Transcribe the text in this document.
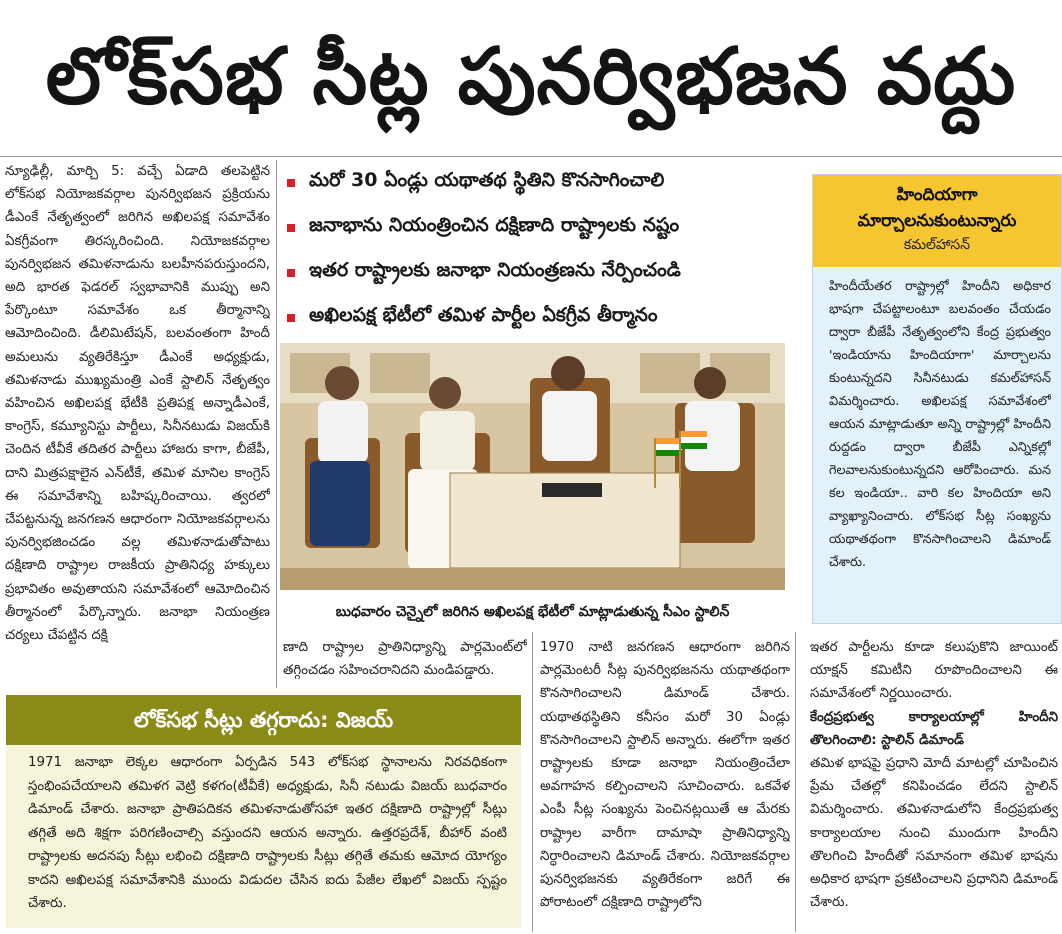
లోక్‌సభ సీట్ల పునర్విభజన వద్దు

న్యూఢిల్లీ, మార్చి 5: వచ్చే ఏడాది తలపెట్టిన లోక్‌సభ నియోజకవర్గాల పునర్విభజన ప్రక్రియను డీఎంకే నేతృత్వంలో జరిగిన అఖిలపక్ష సమావేశం ఏకగ్రీవంగా తిరస్కరించింది. నియోజకవర్గాల పునర్విభజన తమిళనాడును బలహీనపరుస్తుందని, అది భారత ఫెడరల్ స్వభావానికి ముప్పు అని పేర్కొంటూ సమావేశం ఒక తీర్మానాన్ని ఆమోదించింది. డీలిమిటేషన్, బలవంతంగా హిందీ అమలును వ్యతిరేకిస్తూ డీఎంకే అధ్యక్షుడు, తమిళనాడు ముఖ్యమంత్రి ఎంకే స్టాలిన్ నేతృత్వం వహించిన అఖిలపక్ష భేటీకి ప్రతిపక్ష అన్నాడీఎంకే, కాంగ్రెస్, కమ్యూనిస్టు పార్టీలు, సినీనటుడు విజయ్‌కి చెందిన టీవీకే తదితర పార్టీలు హాజరు కాగా, బీజేపీ, దాని మిత్రపక్షాలైన ఎన్‌టీకే, తమిళ మానిల కాంగ్రెస్ ఈ సమావేశాన్ని బహిష్కరించాయి. త్వరలో చేపట్టనున్న జనగణన ఆధారంగా నియోజకవర్గాలను పునర్విభజించడం వల్ల తమిళనాడుతోపాటు దక్షిణాది రాష్ట్రాల రాజకీయ ప్రాతినిధ్య హక్కులు ప్రభావితం అవుతాయని సమావేశంలో ఆమోదించిన తీర్మానంలో పేర్కొన్నారు. జనాభా నియంత్రణ చర్యలు చేపట్టిన దక్షి

మరో 30 ఏండ్లు యథాతథ స్థితిని కొనసాగించాలి
జనాభాను నియంత్రించిన దక్షిణాది రాష్ట్రాలకు నష్టం
ఇతర రాష్ట్రాలకు జనాభా నియంత్రణను నేర్పించండి
అఖిలపక్ష భేటీలో తమిళ పార్టీల ఏకగ్రీవ తీర్మానం
బుధవారం చెన్నైలో జరిగిన అఖిలపక్ష భేటీలో మాట్లాడుతున్న సీఎం స్టాలిన్
హిందియాగా
మార్చాలనుకుంటున్నారు
కమల్‌హాసన్
హిందీయేతర రాష్ట్రాల్లో హిందీని అధికార భాషగా చేపట్టాలంటూ బలవంతం చేయడం ద్వారా బీజేపీ నేతృత్వంలోని కేంద్ర ప్రభుత్వం 'ఇండియాను హిందియాగా' మార్చాలను కుంటున్నదని సినీనటుడు కమల్‌హాసన్ విమర్శించారు. అఖిలపక్ష సమావేశంలో ఆయన మాట్లాడుతూ అన్ని రాష్ట్రాల్లో హిందీని రుద్దడం ద్వారా బీజేపీ ఎన్నికల్లో గెలవాలనుకుంటున్నదని ఆరోపించారు. మన కల ఇండియా.. వారి కల హిందియా అని వ్యాఖ్యానించారు. లోక్‌సభ సీట్ల సంఖ్యను యథాతథంగా కొనసాగించాలని డిమాండ్ చేశారు.

ణాది రాష్ట్రాల ప్రాతినిధ్యాన్ని పార్లమెంట్‌లో తగ్గించడం సహించరానిదని మండిపడ్డారు.

1970 నాటి జనగణన ఆధారంగా జరిగిన పార్లమెంటరీ సీట్ల పునర్విభజనను యథాతథంగా కొనసాగించాలని డిమాండ్ చేశారు. యథాతథస్థితిని కనీసం మరో 30 ఏండ్లు కొనసాగించాలని స్టాలిన్ అన్నారు. ఈలోగా ఇతర రాష్ట్రాలకు కూడా జనాభా నియంత్రించేలా అవగాహన కల్పించాలని సూచించారు. ఒకవేళ ఎంపీ సీట్ల సంఖ్యను పెంచినట్లయితే ఆ మేరకు రాష్ట్రాల వారీగా దామాషా ప్రాతినిధ్యాన్ని నిర్ధారించాలని డిమాండ్ చేశారు. నియోజకవర్గాల పునర్విభజనకు వ్యతిరేకంగా జరిగే ఈ పోరాటంలో దక్షిణాది రాష్ట్రాలోని

ఇతర పార్టీలను కూడా కలుపుకొని జాయింట్ యాక్షన్ కమిటీని రూపొందించాలని ఈ సమావేశంలో నిర్ణయించారు.

కేంద్రప్రభుత్వ కార్యాలయాల్లో హిందీని తొలగించాలి: స్టాలిన్ డిమాండ్

తమిళ భాషపై ప్రధాని మోదీ మాటల్లో చూపించిన ప్రేమ చేతల్లో కనిపించడం లేదని స్టాలిన్ విమర్శించారు. తమిళనాడులోని కేంద్రప్రభుత్వ కార్యాలయాల నుంచి ముందుగా హిందీని తొలగించి హిందీతో సమానంగా తమిళ భాషను అధికార భాషగా ప్రకటించాలని ప్రధానిని డిమాండ్ చేశారు.

లోక్‌సభ సీట్లు తగ్గరాదు: విజయ్
1971 జనాభా లెక్కల ఆధారంగా ఏర్పడిన 543 లోక్‌సభ స్థానాలను నిరవధికంగా స్తంభింపచేయాలని తమిళగ వెట్రి కళగం(టీవీకే) అధ్యక్షుడు, సినీ నటుడు విజయ్ బుధవారం డిమాండ్ చేశారు. జనాభా ప్రాతిపదికన తమిళనాడుతోసహా ఇతర దక్షిణాది రాష్ట్రాల్లో సీట్లు తగ్గితే అది శిక్షగా పరిగణించాల్సి వస్తుందని ఆయన అన్నారు. ఉత్తరప్రదేశ్, బీహార్ వంటి రాష్ట్రాలకు అదనపు సీట్లు లభించి దక్షిణాది రాష్ట్రాలకు సీట్లు తగ్గితే తమకు ఆమోద యోగ్యం కాదని అఖిలపక్ష సమావేశానికి ముందు విడుదల చేసిన ఐదు పేజీల లేఖలో విజయ్ స్పష్టం చేశారు.
